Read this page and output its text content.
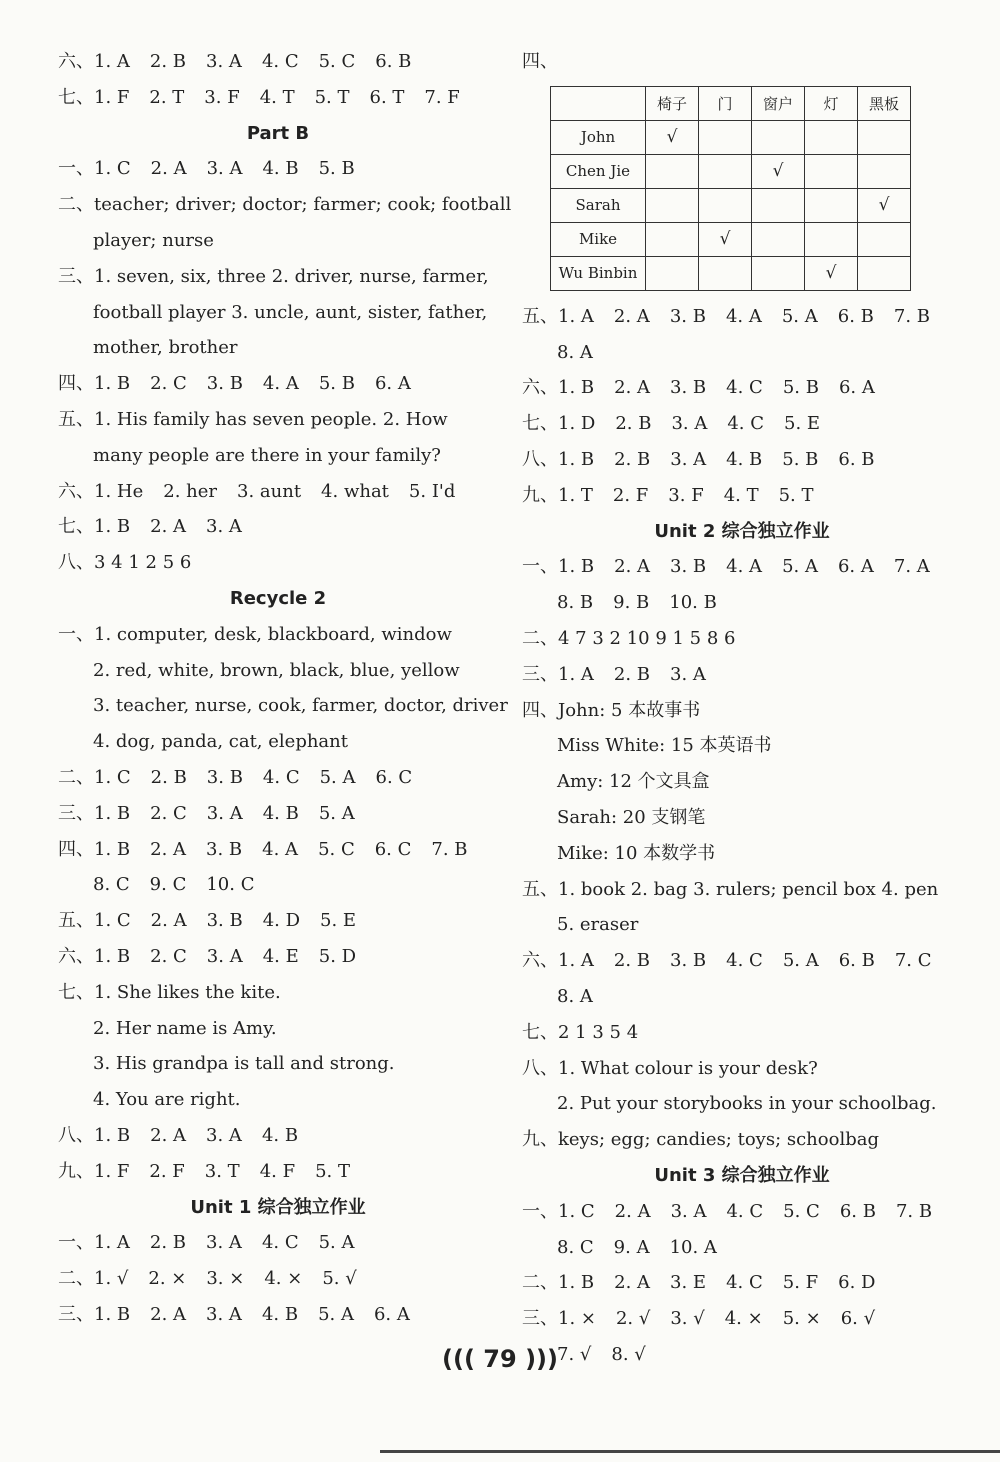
六、1. A 2. B 3. A 4. C 5. C 6. B
七、1. F 2. T 3. F 4. T 5. T 6. T 7. F
Part B
一、1. C 2. A 3. A 4. B 5. B
二、teacher; driver; doctor; farmer; cook; football
player; nurse
三、1. seven, six, three 2. driver, nurse, farmer,
football player 3. uncle, aunt, sister, father,
mother, brother
四、1. B 2. C 3. B 4. A 5. B 6. A
五、1. His family has seven people. 2. How
many people are there in your family?
六、1. He 2. her 3. aunt 4. what 5. I'd
七、1. B 2. A 3. A
八、3 4 1 2 5 6
Recycle 2
一、1. computer, desk, blackboard, window
2. red, white, brown, black, blue, yellow
3. teacher, nurse, cook, farmer, doctor, driver
4. dog, panda, cat, elephant
二、1. C 2. B 3. B 4. C 5. A 6. C
三、1. B 2. C 3. A 4. B 5. A
四、1. B 2. A 3. B 4. A 5. C 6. C 7. B
8. C 9. C 10. C
五、1. C 2. A 3. B 4. D 5. E
六、1. B 2. C 3. A 4. E 5. D
七、1. She likes the kite.
2. Her name is Amy.
3. His grandpa is tall and strong.
4. You are right.
八、1. B 2. A 3. A 4. B
九、1. F 2. F 3. T 4. F 5. T
Unit 1 综合独立作业
一、1. A 2. B 3. A 4. C 5. A
二、1. √ 2. × 3. × 4. × 5. √
三、1. B 2. A 3. A 4. B 5. A 6. A
四、
	椅子	门	窗户	灯	黑板
John	√				
Chen Jie			√		
Sarah					√
Mike		√			
Wu Binbin				√	
五、1. A 2. A 3. B 4. A 5. A 6. B 7. B
8. A
六、1. B 2. A 3. B 4. C 5. B 6. A
七、1. D 2. B 3. A 4. C 5. E
八、1. B 2. B 3. A 4. B 5. B 6. B
九、1. T 2. F 3. F 4. T 5. T
Unit 2 综合独立作业
一、1. B 2. A 3. B 4. A 5. A 6. A 7. A
8. B 9. B 10. B
二、4 7 3 2 10 9 1 5 8 6
三、1. A 2. B 3. A
四、John: 5 本故事书
Miss White: 15 本英语书
Amy: 12 个文具盒
Sarah: 20 支钢笔
Mike: 10 本数学书
五、1. book 2. bag 3. rulers; pencil box 4. pen
5. eraser
六、1. A 2. B 3. B 4. C 5. A 6. B 7. C
8. A
七、2 1 3 5 4
八、1. What colour is your desk?
2. Put your storybooks in your schoolbag.
九、keys; egg; candies; toys; schoolbag
Unit 3 综合独立作业
一、1. C 2. A 3. A 4. C 5. C 6. B 7. B
8. C 9. A 10. A
二、1. B 2. A 3. E 4. C 5. F 6. D
三、1. × 2. √ 3. √ 4. × 5. × 6. √
7. √ 8. √
((( 79 )))
